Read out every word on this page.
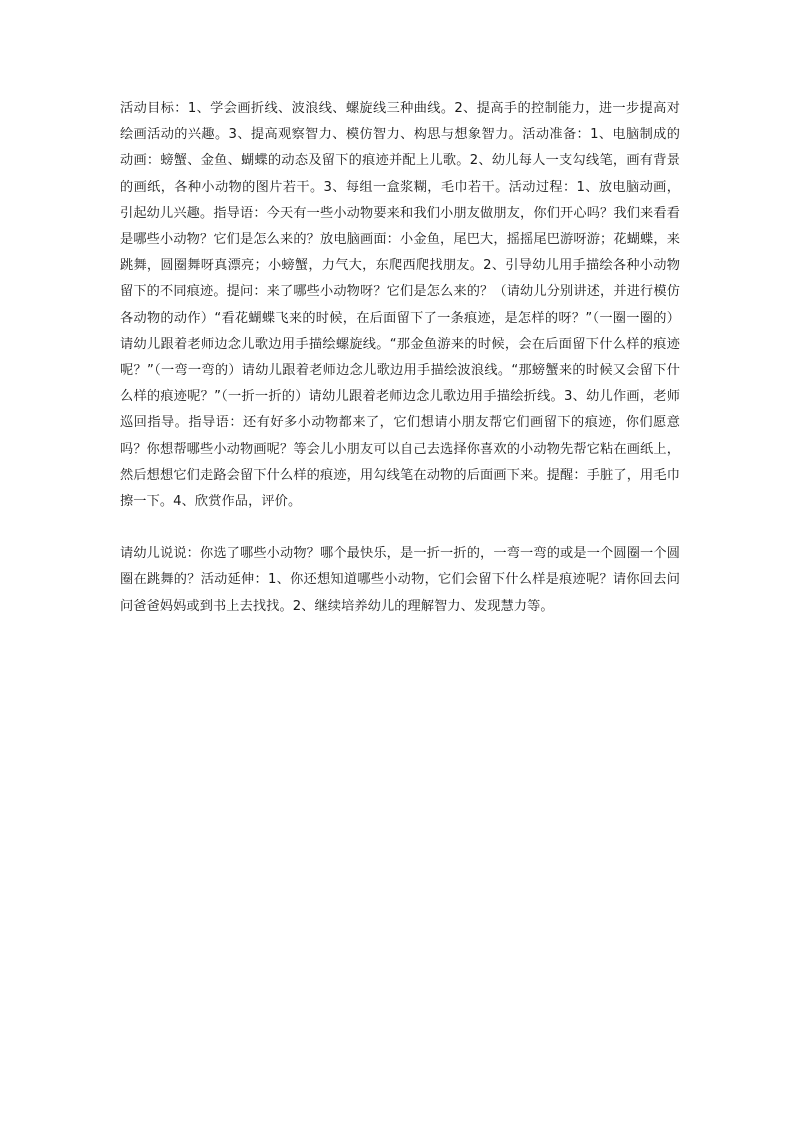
活动目标：1、学会画折线、波浪线、螺旋线三种曲线。2、提高手的控制能力，进一步提高对绘画活动的兴趣。3、提高观察智力、模仿智力、构思与想象智力。活动准备：1、电脑制成的动画：螃蟹、金鱼、蝴蝶的动态及留下的痕迹并配上儿歌。2、幼儿每人一支勾线笔，画有背景的画纸，各种小动物的图片若干。3、每组一盒浆糊，毛巾若干。活动过程：1、放电脑动画，引起幼儿兴趣。指导语：今天有一些小动物要来和我们小朋友做朋友，你们开心吗？我们来看看是哪些小动物？它们是怎么来的？放电脑画面：小金鱼，尾巴大，摇摇尾巴游呀游；花蝴蝶，来跳舞，圆圈舞呀真漂亮；小螃蟹，力气大，东爬西爬找朋友。2、引导幼儿用手描绘各种小动物留下的不同痕迹。提问：来了哪些小动物呀？它们是怎么来的？（请幼儿分别讲述，并进行模仿各动物的动作）“看花蝴蝶飞来的时候，在后面留下了一条痕迹，是怎样的呀？”（一圈一圈的）请幼儿跟着老师边念儿歌边用手描绘螺旋线。“那金鱼游来的时候，会在后面留下什么样的痕迹呢？”（一弯一弯的）请幼儿跟着老师边念儿歌边用手描绘波浪线。“那螃蟹来的时候又会留下什么样的痕迹呢？”（一折一折的）请幼儿跟着老师边念儿歌边用手描绘折线。3、幼儿作画，老师巡回指导。指导语：还有好多小动物都来了，它们想请小朋友帮它们画留下的痕迹，你们愿意吗？你想帮哪些小动物画呢？等会儿小朋友可以自己去选择你喜欢的小动物先帮它粘在画纸上，然后想想它们走路会留下什么样的痕迹，用勾线笔在动物的后面画下来。提醒：手脏了，用毛巾擦一下。4、欣赏作品，评价。

请幼儿说说：你选了哪些小动物？哪个最快乐，是一折一折的，一弯一弯的或是一个圆圈一个圆圈在跳舞的？活动延伸：1、你还想知道哪些小动物，它们会留下什么样是痕迹呢？请你回去问问爸爸妈妈或到书上去找找。2、继续培养幼儿的理解智力、发现慧力等。
